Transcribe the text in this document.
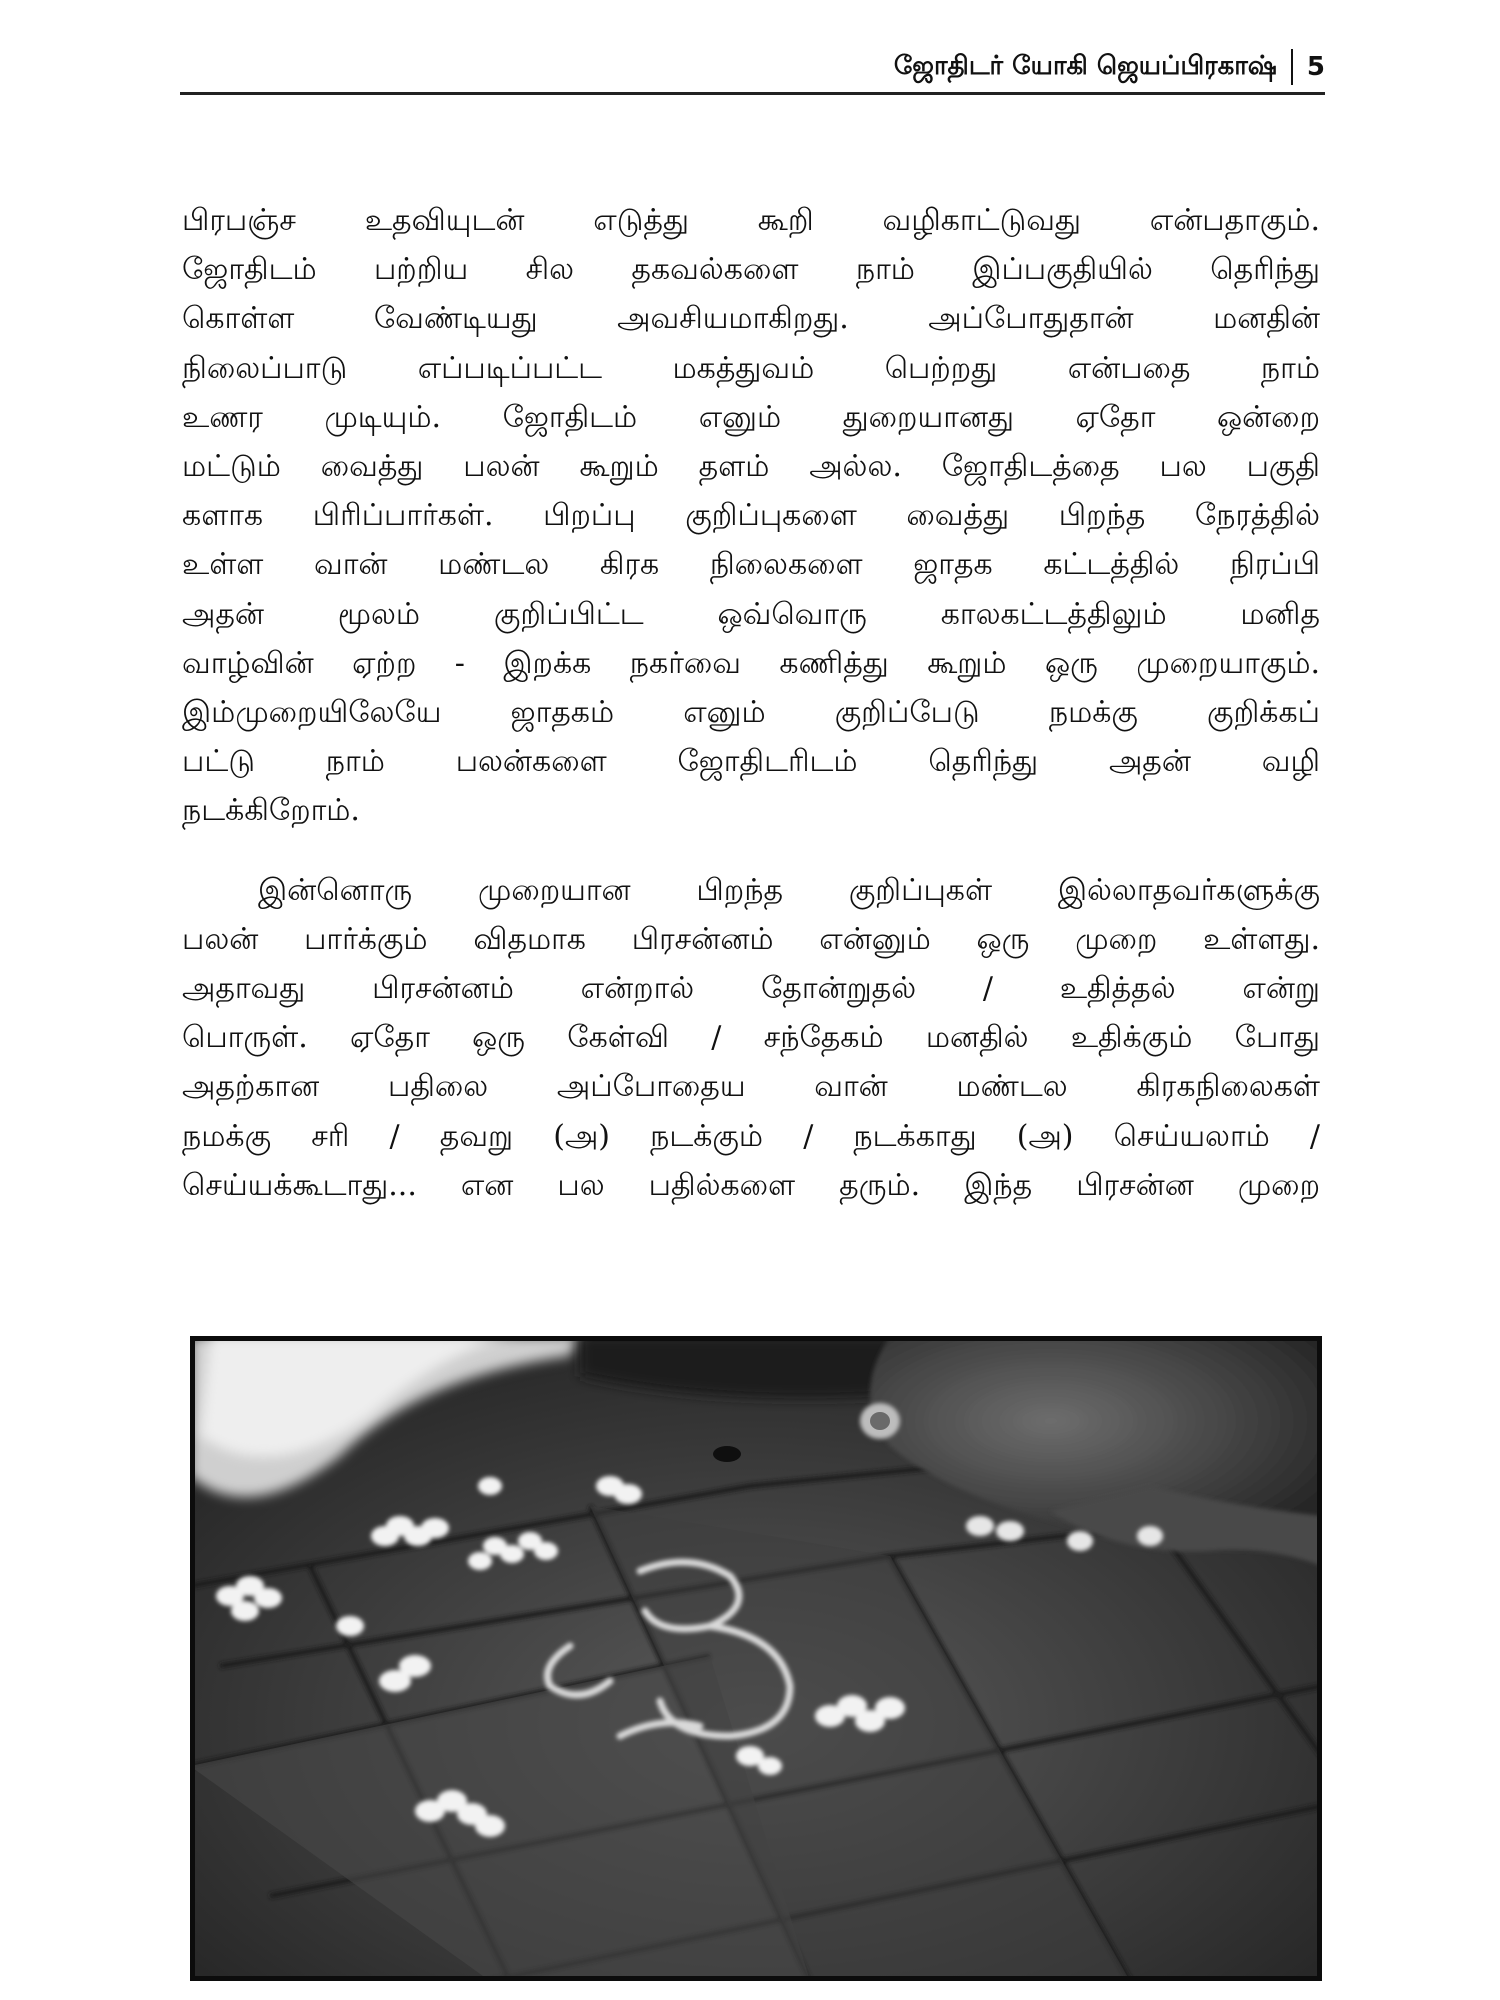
ஜோதிடர் யோகி ஜெயப்பிரகாஷ் 5
பிரபஞ்ச உதவியுடன் எடுத்து கூறி வழிகாட்டுவது என்பதாகும்.
ஜோதிடம் பற்றிய சில தகவல்களை நாம் இப்பகுதியில் தெரிந்து
கொள்ள வேண்டியது அவசியமாகிறது. அப்போதுதான் மனதின்
நிலைப்பாடு எப்படிப்பட்ட மகத்துவம் பெற்றது என்பதை நாம்
உணர முடியும். ஜோதிடம் எனும் துறையானது ஏதோ ஒன்றை
மட்டும் வைத்து பலன் கூறும் தளம் அல்ல. ஜோதிடத்தை பல பகுதி
களாக பிரிப்பார்கள். பிறப்பு குறிப்புகளை வைத்து பிறந்த நேரத்தில்
உள்ள வான் மண்டல கிரக நிலைகளை ஜாதக கட்டத்தில் நிரப்பி
அதன் மூலம் குறிப்பிட்ட ஒவ்வொரு காலகட்டத்திலும் மனித
வாழ்வின் ஏற்ற - இறக்க நகர்வை கணித்து கூறும் ஒரு முறையாகும்.
இம்முறையிலேயே ஜாதகம் எனும் குறிப்பேடு நமக்கு குறிக்கப்
பட்டு நாம் பலன்களை ஜோதிடரிடம் தெரிந்து அதன் வழி
நடக்கிறோம்.
இன்னொரு முறையான பிறந்த குறிப்புகள் இல்லாதவர்களுக்கு
பலன் பார்க்கும் விதமாக பிரசன்னம் என்னும் ஒரு முறை உள்ளது.
அதாவது பிரசன்னம் என்றால் தோன்றுதல் / உதித்தல் என்று
பொருள். ஏதோ ஒரு கேள்வி / சந்தேகம் மனதில் உதிக்கும் போது
அதற்கான பதிலை அப்போதைய வான் மண்டல கிரகநிலைகள்
நமக்கு சரி / தவறு (அ) நடக்கும் / நடக்காது (அ) செய்யலாம் /
செய்யக்கூடாது... என பல பதில்களை தரும். இந்த பிரசன்ன முறை
